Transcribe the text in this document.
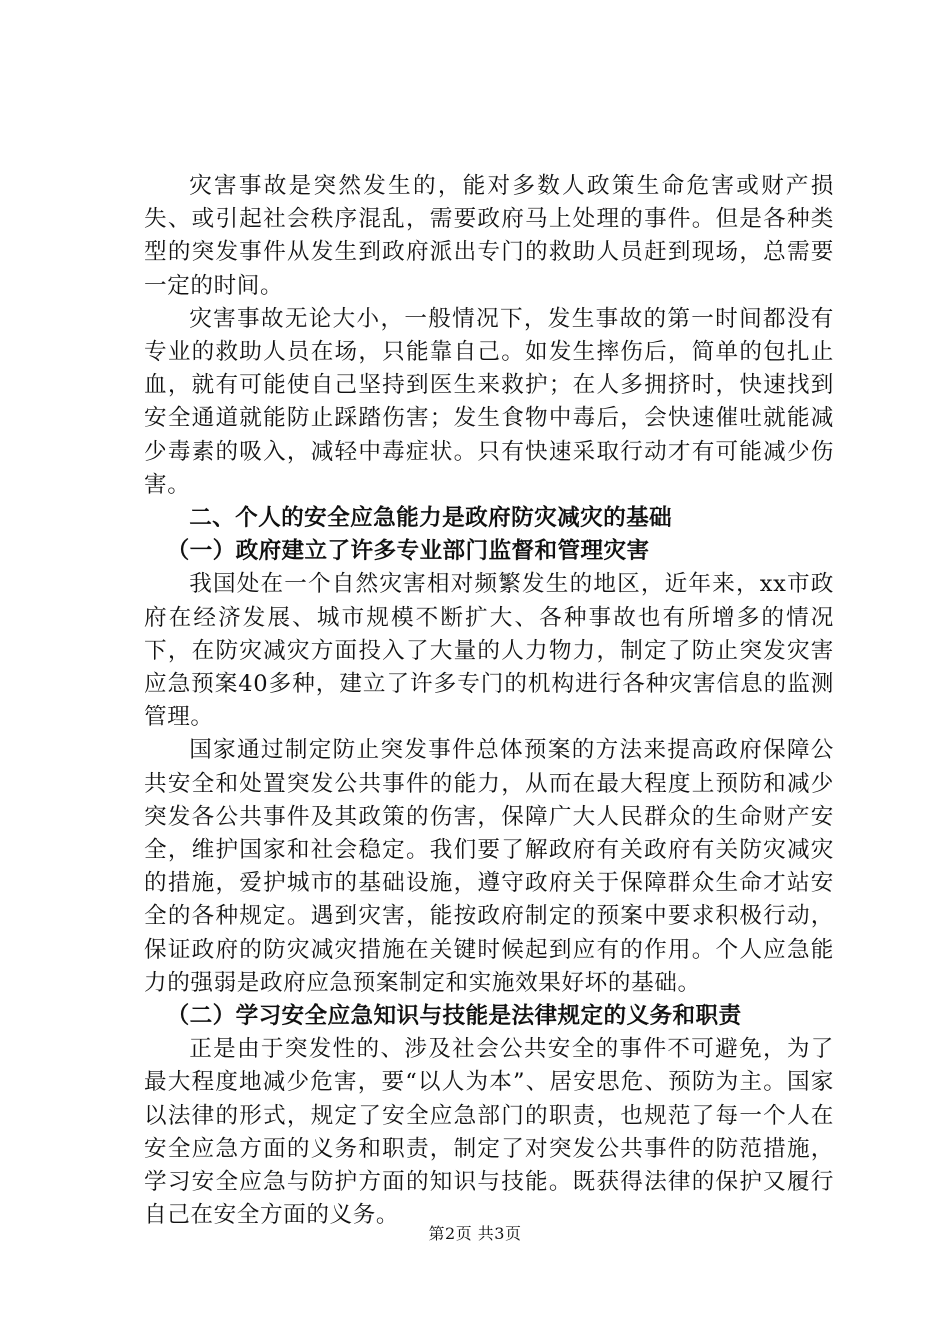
灾害事故是突然发生的，能对多数人政策生命危害或财产损失、或引起社会秩序混乱，需要政府马上处理的事件。但是各种类型的突发事件从发生到政府派出专门的救助人员赶到现场，总需要一定的时间。

灾害事故无论大小，一般情况下，发生事故的第一时间都没有专业的救助人员在场，只能靠自己。如发生摔伤后，简单的包扎止血，就有可能使自己坚持到医生来救护；在人多拥挤时，快速找到安全通道就能防止踩踏伤害；发生食物中毒后，会快速催吐就能减少毒素的吸入，减轻中毒症状。只有快速采取行动才有可能减少伤害。

二、个人的安全应急能力是政府防灾减灾的基础

（一）政府建立了许多专业部门监督和管理灾害

我国处在一个自然灾害相对频繁发生的地区，近年来，xx市政府在经济发展、城市规模不断扩大、各种事故也有所增多的情况下，在防灾减灾方面投入了大量的人力物力，制定了防止突发灾害应急预案40多种，建立了许多专门的机构进行各种灾害信息的监测管理。

国家通过制定防止突发事件总体预案的方法来提高政府保障公共安全和处置突发公共事件的能力，从而在最大程度上预防和减少突发各公共事件及其政策的伤害，保障广大人民群众的生命财产安全，维护国家和社会稳定。我们要了解政府有关政府有关防灾减灾的措施，爱护城市的基础设施，遵守政府关于保障群众生命才站安全的各种规定。遇到灾害，能按政府制定的预案中要求积极行动，保证政府的防灾减灾措施在关键时候起到应有的作用。个人应急能力的强弱是政府应急预案制定和实施效果好坏的基础。

（二）学习安全应急知识与技能是法律规定的义务和职责

正是由于突发性的、涉及社会公共安全的事件不可避免，为了最大程度地减少危害，要“以人为本”、居安思危、预防为主。国家以法律的形式，规定了安全应急部门的职责，也规范了每一个人在安全应急方面的义务和职责，制定了对突发公共事件的防范措施，学习安全应急与防护方面的知识与技能。既获得法律的保护又履行自己在安全方面的义务。

第2页 共3页
